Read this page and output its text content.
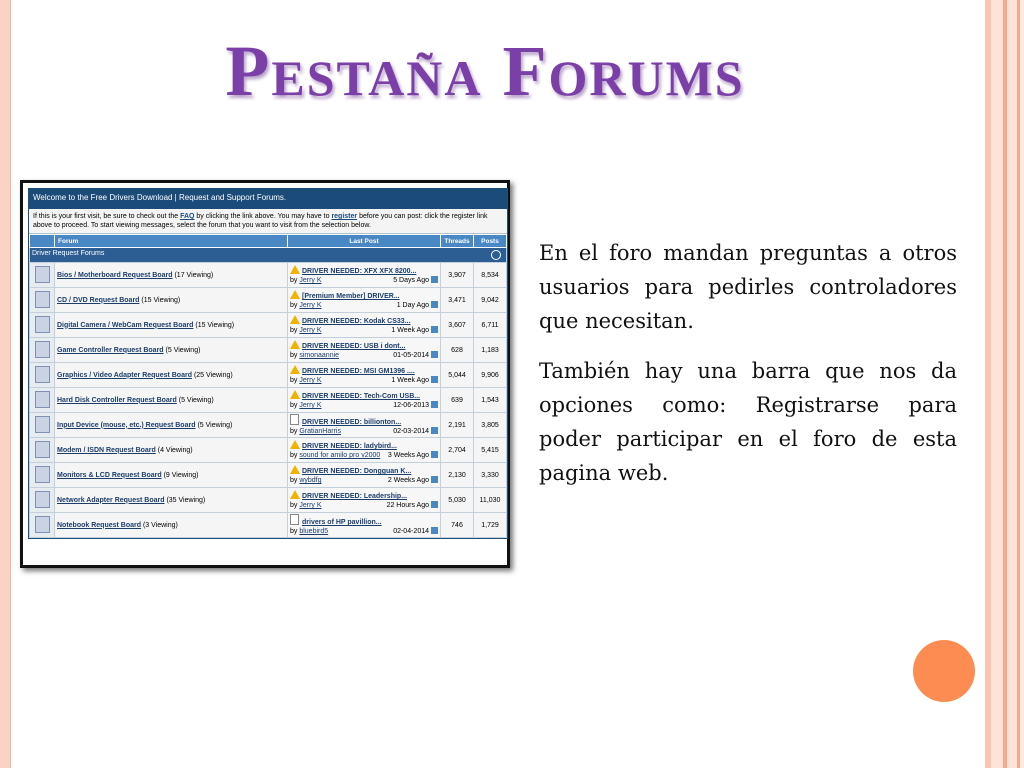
Pestaña Forums
Welcome to the Free Drivers Download | Request and Support Forums.
If this is your first visit, be sure to check out the FAQ by clicking the link above. You may have to register before you can post: click the register link above to proceed. To start viewing messages, select the forum that you want to visit from the selection below.
	Forum	Last Post	Threads	Posts
Driver Request Forums				

	Bios / Motherboard Request Board (17 Viewing)	DRIVER NEEDED: XFX XFX 8200...
by Jerry K 5 Days Ago	3,907	8,534
	CD / DVD Request Board (15 Viewing)	[Premium Member] DRIVER...
by Jerry K 1 Day Ago	3,471	9,042
	Digital Camera / WebCam Request Board (15 Viewing)	DRIVER NEEDED: Kodak CS33...
by Jerry K 1 Week Ago	3,607	6,711
	Game Controller Request Board (5 Viewing)	DRIVER NEEDED: USB i dont...
by simonaannie 01-05-2014	628	1,183
	Graphics / Video Adapter Request Board (25 Viewing)	DRIVER NEEDED: MSI GM1396 ....
by Jerry K 1 Week Ago	5,044	9,906
	Hard Disk Controller Request Board (5 Viewing)	DRIVER NEEDED: Tech-Com USB...
by Jerry K 12-06-2013	639	1,543
	Input Device (mouse, etc.) Request Board (5 Viewing)	DRIVER NEEDED: billionton...
by GratianHarris 02-03-2014	2,191	3,805
	Modem / ISDN Request Board (4 Viewing)	DRIVER NEEDED: ladybird...
by sound for amilo pro v2000 3 Weeks Ago	2,704	5,415
	Monitors & LCD Request Board (9 Viewing)	DRIVER NEEDED: Dongguan K...
by wybdfg 2 Weeks Ago	2,130	3,330
	Network Adapter Request Board (35 Viewing)	DRIVER NEEDED: Leadership...
by Jerry K 22 Hours Ago	5,030	11,030
	Notebook Request Board (3 Viewing)	drivers of HP pavillion...
by bluebird5 02-04-2014	746	1,729

En el foro mandan preguntas a otros usuarios para pedirles controladores que necesitan.

También hay una barra que nos da opciones como: Registrarse para poder participar en el foro de esta pagina web.
